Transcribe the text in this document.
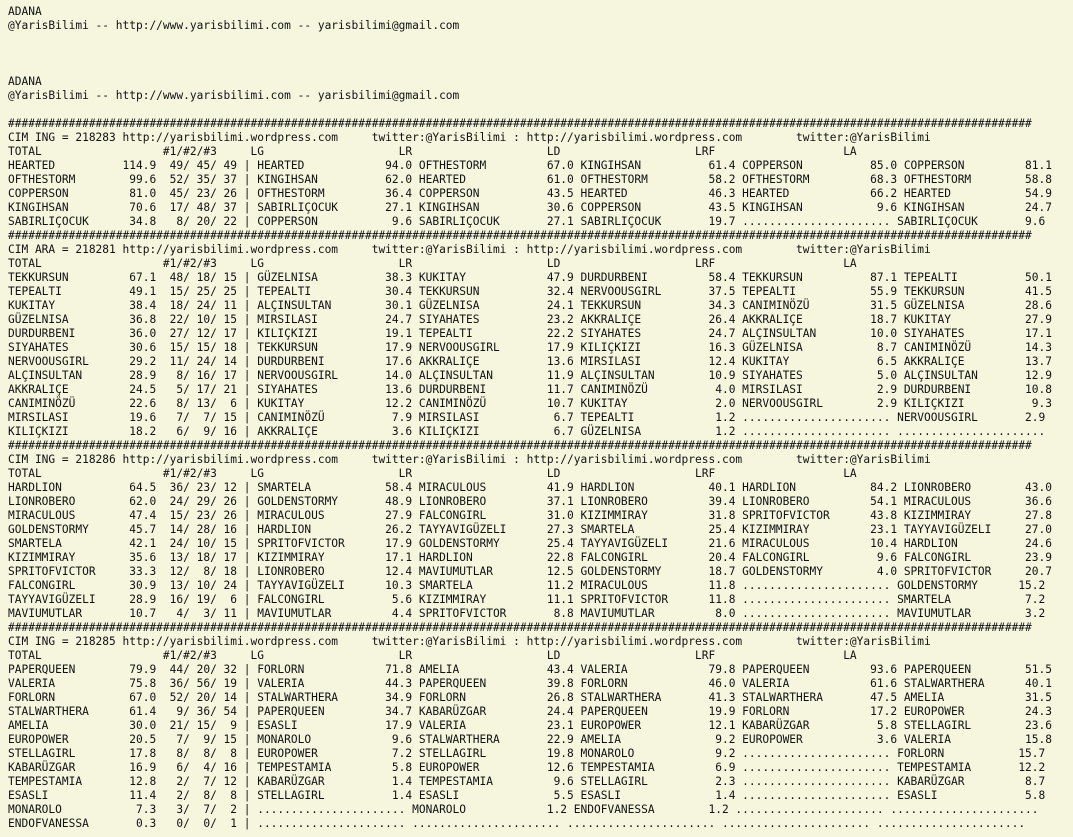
ADANA
@YarisBilimi -- http://www.yarisbilimi.com -- yarisbilimi@gmail.com
ADANA
@YarisBilimi -- http://www.yarisbilimi.com -- yarisbilimi@gmail.com
########################################################################################################################################################
CIM ING = 218283 http://yarisbilimi.wordpress.com     twitter:@YarisBilimi : http://yarisbilimi.wordpress.com        twitter:@YarisBilimi
TOTAL                  #1/#2/#3     LG                    LR                    LD                    LRF                   LA
HEARTED          114.9  49/ 45/ 49 | HEARTED            94.0 OFTHESTORM         67.0 KINGIHSAN          61.4 COPPERSON          85.0 COPPERSON         81.1
OFTHESTORM        99.6  52/ 35/ 37 | KINGIHSAN          62.0 HEARTED            61.0 OFTHESTORM         58.2 OFTHESTORM         68.3 OFTHESTORM        58.8
COPPERSON         81.0  45/ 23/ 26 | OFTHESTORM         36.4 COPPERSON          43.5 HEARTED            46.3 HEARTED            66.2 HEARTED           54.9
KINGIHSAN         70.6  17/ 48/ 37 | SABIRLIÇOCUK       27.1 KINGIHSAN          30.6 COPPERSON          43.5 KINGIHSAN           9.6 KINGIHSAN         24.7
SABIRLIÇOCUK      34.8   8/ 20/ 22 | COPPERSON           9.6 SABIRLIÇOCUK       27.1 SABIRLIÇOCUK       19.7 ...................... SABIRLIÇOCUK       9.6
########################################################################################################################################################
CIM ARA = 218281 http://yarisbilimi.wordpress.com     twitter:@YarisBilimi : http://yarisbilimi.wordpress.com        twitter:@YarisBilimi
TOTAL                  #1/#2/#3     LG                    LR                    LD                    LRF                   LA
TEKKURSUN         67.1  48/ 18/ 15 | GÜZELNISA          38.3 KUKITAY            47.9 DURDURBENI         58.4 TEKKURSUN          87.1 TEPEALTI          50.1
TEPEALTI          49.1  15/ 25/ 25 | TEPEALTI           30.4 TEKKURSUN          32.4 NERVOOUSGIRL       37.5 TEPEALTI           55.9 TEKKURSUN         41.5
KUKITAY           38.4  18/ 24/ 11 | ALÇINSULTAN        30.1 GÜZELNISA          24.1 TEKKURSUN          34.3 CANIMINÖZÜ         31.5 GÜZELNISA         28.6
GÜZELNISA         36.8  22/ 10/ 15 | MIRSILASI          24.7 SIYAHATES          23.2 AKKRALIÇE          26.4 AKKRALIÇE          18.7 KUKITAY           27.9
DURDURBENI        36.0  27/ 12/ 17 | KILIÇKIZI          19.1 TEPEALTI           22.2 SIYAHATES          24.7 ALÇINSULTAN        10.0 SIYAHATES         17.1
SIYAHATES         30.6  15/ 15/ 18 | TEKKURSUN          17.9 NERVOOUSGIRL       17.9 KILIÇKIZI          16.3 GÜZELNISA           8.7 CANIMINÖZÜ        14.3
NERVOOUSGIRL      29.2  11/ 24/ 14 | DURDURBENI         17.6 AKKRALIÇE          13.6 MIRSILASI          12.4 KUKITAY             6.5 AKKRALIÇE         13.7
ALÇINSULTAN       28.9   8/ 16/ 17 | NERVOOUSGIRL       14.0 ALÇINSULTAN        11.9 ALÇINSULTAN        10.9 SIYAHATES           5.0 ALÇINSULTAN       12.9
AKKRALIÇE         24.5   5/ 17/ 21 | SIYAHATES          13.6 DURDURBENI         11.7 CANIMINÖZÜ          4.0 MIRSILASI           2.9 DURDURBENI        10.8
CANIMINÖZÜ        22.6   8/ 13/  6 | KUKITAY            12.2 CANIMINÖZÜ         10.7 KUKITAY             2.0 NERVOOUSGIRL        2.9 KILIÇKIZI          9.3
MIRSILASI         19.6   7/  7/ 15 | CANIMINÖZÜ          7.9 MIRSILASI           6.7 TEPEALTI            1.2 ...................... NERVOOUSGIRL       2.9
KILIÇKIZI         18.2   6/  9/ 16 | AKKRALIÇE           3.6 KILIÇKIZI           6.7 GÜZELNISA           1.2 ...................... ......................
########################################################################################################################################################
CIM ING = 218286 http://yarisbilimi.wordpress.com     twitter:@YarisBilimi : http://yarisbilimi.wordpress.com        twitter:@YarisBilimi
TOTAL                  #1/#2/#3     LG                    LR                    LD                    LRF                   LA
HARDLION          64.5  36/ 23/ 12 | SMARTELA           58.4 MIRACULOUS         41.9 HARDLION           40.1 HARDLION           84.2 LIONROBERO        43.0
LIONROBERO        62.0  24/ 29/ 26 | GOLDENSTORMY       48.9 LIONROBERO         37.1 LIONROBERO         39.4 LIONROBERO         54.1 MIRACULOUS        36.6
MIRACULOUS        47.4  15/ 23/ 26 | MIRACULOUS         27.9 FALCONGIRL         31.0 KIZIMMIRAY         31.8 SPRITOFVICTOR      43.8 KIZIMMIRAY        27.8
GOLDENSTORMY      45.7  14/ 28/ 16 | HARDLION           26.2 TAYYAVIGÜZELI      27.3 SMARTELA           25.4 KIZIMMIRAY         23.1 TAYYAVIGÜZELI     27.0
SMARTELA          42.1  24/ 10/ 15 | SPRITOFVICTOR      17.9 GOLDENSTORMY       25.4 TAYYAVIGÜZELI      21.6 MIRACULOUS         10.4 HARDLION          24.6
KIZIMMIRAY        35.6  13/ 18/ 17 | KIZIMMIRAY         17.1 HARDLION           22.8 FALCONGIRL         20.4 FALCONGIRL          9.6 FALCONGIRL        23.9
SPRITOFVICTOR     33.3  12/  8/ 18 | LIONROBERO         12.4 MAVIUMUTLAR        12.5 GOLDENSTORMY       18.7 GOLDENSTORMY        4.0 SPRITOFVICTOR     20.7
FALCONGIRL        30.9  13/ 10/ 24 | TAYYAVIGÜZELI      10.3 SMARTELA           11.2 MIRACULOUS         11.8 ...................... GOLDENSTORMY      15.2
TAYYAVIGÜZELI     28.9  16/ 19/  6 | FALCONGIRL          5.6 KIZIMMIRAY         11.1 SPRITOFVICTOR      11.8 ...................... SMARTELA           7.2
MAVIUMUTLAR       10.7   4/  3/ 11 | MAVIUMUTLAR         4.4 SPRITOFVICTOR       8.8 MAVIUMUTLAR         8.0 ...................... MAVIUMUTLAR        3.2
########################################################################################################################################################
CIM ING = 218285 http://yarisbilimi.wordpress.com     twitter:@YarisBilimi : http://yarisbilimi.wordpress.com        twitter:@YarisBilimi
TOTAL                  #1/#2/#3     LG                    LR                    LD                    LRF                   LA
PAPERQUEEN        79.9  44/ 20/ 32 | FORLORN            71.8 AMELIA             43.4 VALERIA            79.8 PAPERQUEEN         93.6 PAPERQUEEN        51.5
VALERIA           75.8  36/ 56/ 19 | VALERIA            44.3 PAPERQUEEN         39.8 FORLORN            46.0 VALERIA            61.6 STALWARTHERA      40.1
FORLORN           67.0  52/ 20/ 14 | STALWARTHERA       34.9 FORLORN            26.8 STALWARTHERA       41.3 STALWARTHERA       47.5 AMELIA            31.5
STALWARTHERA      61.4   9/ 36/ 54 | PAPERQUEEN         34.7 KABARÜZGAR         24.4 PAPERQUEEN         19.9 FORLORN            17.2 EUROPOWER         24.3
AMELIA            30.0  21/ 15/  9 | ESASLI             17.9 VALERIA            23.1 EUROPOWER          12.1 KABARÜZGAR          5.8 STELLAGIRL        23.6
EUROPOWER         20.5   7/  9/ 15 | MONAROLO            9.6 STALWARTHERA       22.9 AMELIA              9.2 EUROPOWER           3.6 VALERIA           15.8
STELLAGIRL        17.8   8/  8/  8 | EUROPOWER           7.2 STELLAGIRL         19.8 MONAROLO            9.2 ...................... FORLORN           15.7
KABARÜZGAR        16.9   6/  4/ 16 | TEMPESTAMIA         5.8 EUROPOWER          12.6 TEMPESTAMIA         6.9 ...................... TEMPESTAMIA       12.2
TEMPESTAMIA       12.8   2/  7/ 12 | KABARÜZGAR          1.4 TEMPESTAMIA         9.6 STELLAGIRL          2.3 ...................... KABARÜZGAR         8.7
ESASLI            11.4   2/  8/  8 | STELLAGIRL          1.4 ESASLI              5.5 ESASLI              1.4 ...................... ESASLI             5.8
MONAROLO           7.3   3/  7/  2 | ...................... MONAROLO            1.2 ENDOFVANESSA        1.2 ...................... ......................
ENDOFVANESSA       0.3   0/  0/  1 | ...................... ...................... ...................... ...................... ......................
